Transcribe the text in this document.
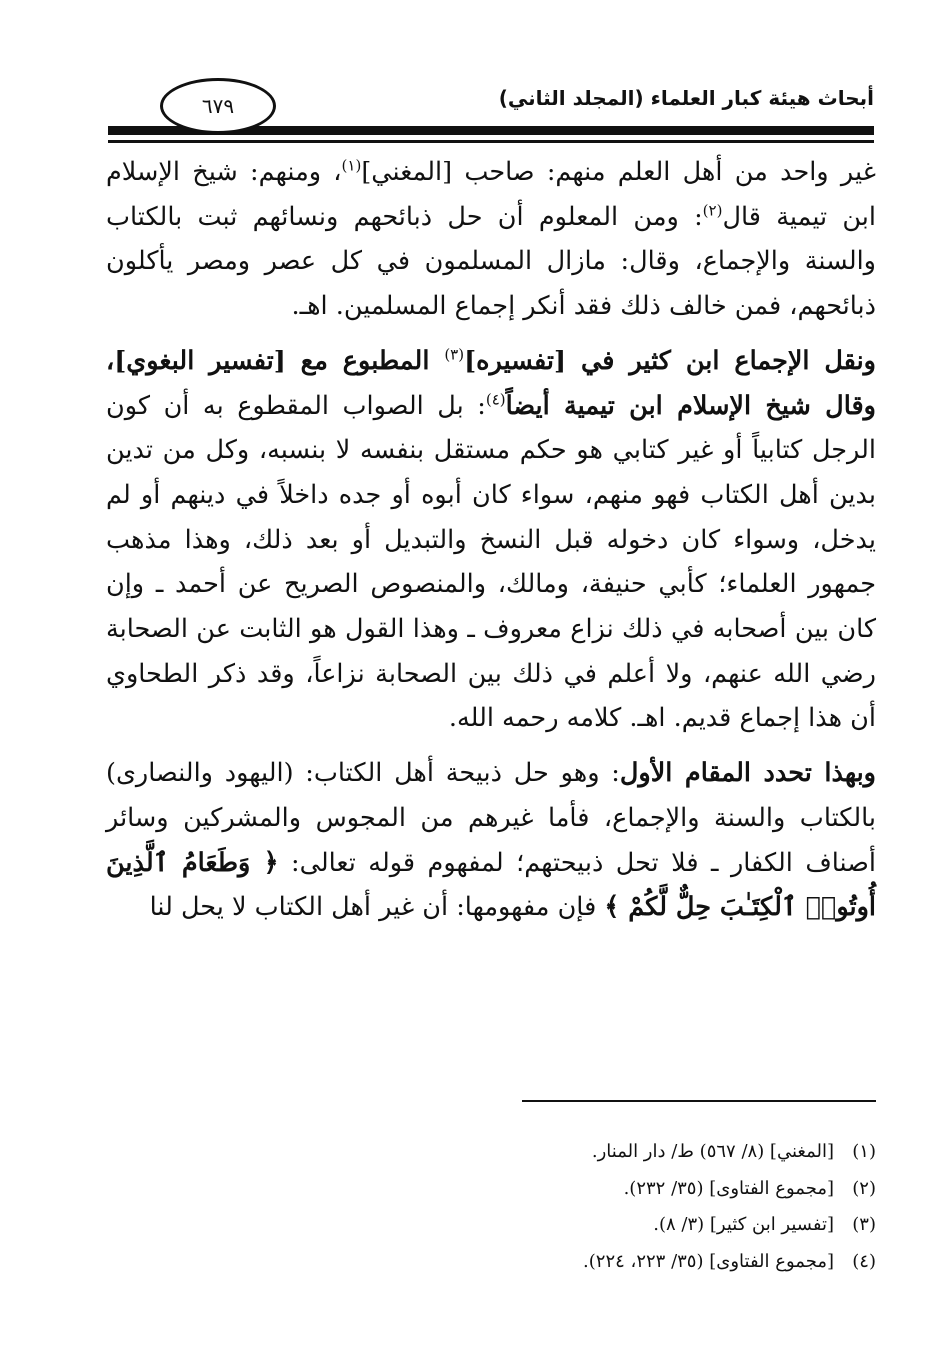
أبحاث هيئة كبار العلماء (المجلد الثاني)
٦٧٩

غير واحد من أهل العلم منهم: صاحب [المغني]$^{(١)}$، ومنهم: شيخ الإسلام ابن تيمية قال$^{(٢)}$: ومن المعلوم أن حل ذبائحهم ونسائهم ثبت بالكتاب والسنة والإجماع، وقال: مازال المسلمون في كل عصر ومصر يأكلون ذبائحهم، فمن خالف ذلك فقد أنكر إجماع المسلمين. اهـ.

ونقل الإجماع ابن كثير في [تفسيره]$^{(٣)}$ المطبوع مع [تفسير البغوي]، وقال شيخ الإسلام ابن تيمية أيضاً$^{(٤)}$: بل الصواب المقطوع به أن كون الرجل كتابياً أو غير كتابي هو حكم مستقل بنفسه لا بنسبه، وكل من تدين بدين أهل الكتاب فهو منهم، سواء كان أبوه أو جده داخلاً في دينهم أو لم يدخل، وسواء كان دخوله قبل النسخ والتبديل أو بعد ذلك، وهذا مذهب جمهور العلماء؛ كأبي حنيفة، ومالك، والمنصوص الصريح عن أحمد ـ وإن كان بين أصحابه في ذلك نزاع معروف ـ وهذا القول هو الثابت عن الصحابة رضي الله عنهم، ولا أعلم في ذلك بين الصحابة نزاعاً، وقد ذكر الطحاوي أن هذا إجماع قديم. اهـ. كلامه رحمه الله.

وبهذا تحدد المقام الأول: وهو حل ذبيحة أهل الكتاب: (اليهود والنصارى) بالكتاب والسنة والإجماع، فأما غيرهم من المجوس والمشركين وسائر أصناف الكفار ـ فلا تحل ذبيحتهم؛ لمفهوم قوله تعالى: ﴿ وَطَعَامُ ٱلَّذِينَ أُوتُوا۟ ٱلْكِتَـٰبَ حِلٌّ لَّكُمْ ﴾ فإن مفهومها: أن غير أهل الكتاب لا يحل لنا

(١)[المغني] (٨/ ٥٦٧) ط/ دار المنار.
(٢)[مجموع الفتاوى] (٣٥/ ٢٣٢).
(٣)[تفسير ابن كثير] (٣/ ٨).
(٤)[مجموع الفتاوى] (٣٥/ ٢٢٣، ٢٢٤).
